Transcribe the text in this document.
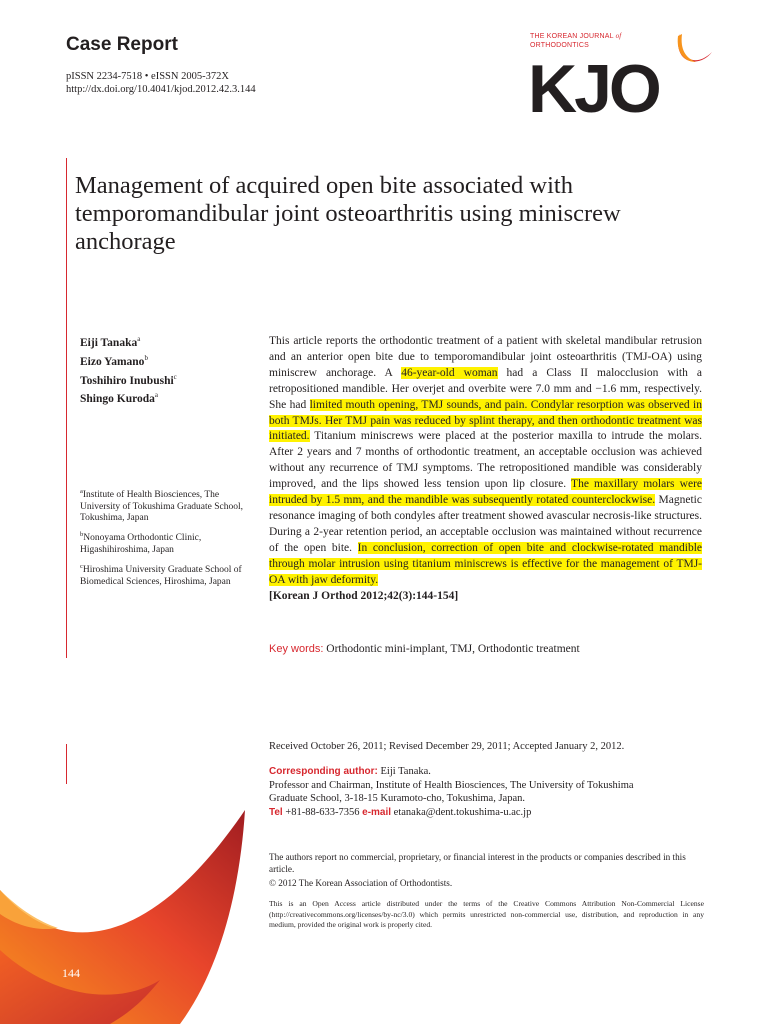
Case Report
pISSN 2234-7518 • eISSN 2005-372X
http://dx.doi.org/10.4041/kjod.2012.42.3.144
THE KOREAN JOURNAL of
ORTHODONTICS
KJO
Management of acquired open bite associated with temporomandibular joint osteoarthritis using miniscrew anchorage
Eiji Tanaka$^a$
Eizo Yamano$^b$
Toshihiro Inubushi$^c$
Shingo Kuroda$^a$
$^a$Institute of Health Biosciences, The University of Tokushima Graduate School, Tokushima, Japan
$^b$Nonoyama Orthodontic Clinic, Higashihiroshima, Japan
$^c$Hiroshima University Graduate School of Biomedical Sciences, Hiroshima, Japan
This article reports the orthodontic treatment of a patient with skeletal mandibular retrusion and an anterior open bite due to temporomandibular joint osteoarthritis (TMJ-OA) using miniscrew anchorage. A 46-year-old woman had a Class II malocclusion with a retropositioned mandible. Her overjet and overbite were 7.0 mm and −1.6 mm, respectively. She had limited mouth opening, TMJ sounds, and pain. Condylar resorption was observed in both TMJs. Her TMJ pain was reduced by splint therapy, and then orthodontic treatment was initiated. Titanium miniscrews were placed at the posterior maxilla to intrude the molars. After 2 years and 7 months of orthodontic treatment, an acceptable occlusion was achieved without any recurrence of TMJ symptoms. The retropositioned mandible was considerably improved, and the lips showed less tension upon lip closure. The maxillary molars were intruded by 1.5 mm, and the mandible was subsequently rotated counterclockwise. Magnetic resonance imaging of both condyles after treatment showed avascular necrosis-like structures. During a 2-year retention period, an acceptable occlusion was maintained without recurrence of the open bite. In conclusion, correction of open bite and clockwise-rotated mandible through molar intrusion using titanium miniscrews is effective for the management of TMJ-OA with jaw deformity.
[Korean J Orthod 2012;42(3):144-154]
Key words: Orthodontic mini-implant, TMJ, Orthodontic treatment
Received October 26, 2011; Revised December 29, 2011; Accepted January 2, 2012.
Corresponding author: Eiji Tanaka.
Professor and Chairman, Institute of Health Biosciences, The University of Tokushima
Graduate School, 3-18-15 Kuramoto-cho, Tokushima, Japan.
Tel +81-88-633-7356 e-mail etanaka@dent.tokushima-u.ac.jp
The authors report no commercial, proprietary, or financial interest in the products or companies described in this article.
© 2012 The Korean Association of Orthodontists.
This is an Open Access article distributed under the terms of the Creative Commons Attribution Non-Commercial License (http://creativecommons.org/licenses/by-nc/3.0) which permits unrestricted non-commercial use, distribution, and reproduction in any medium, provided the original work is properly cited.
144
